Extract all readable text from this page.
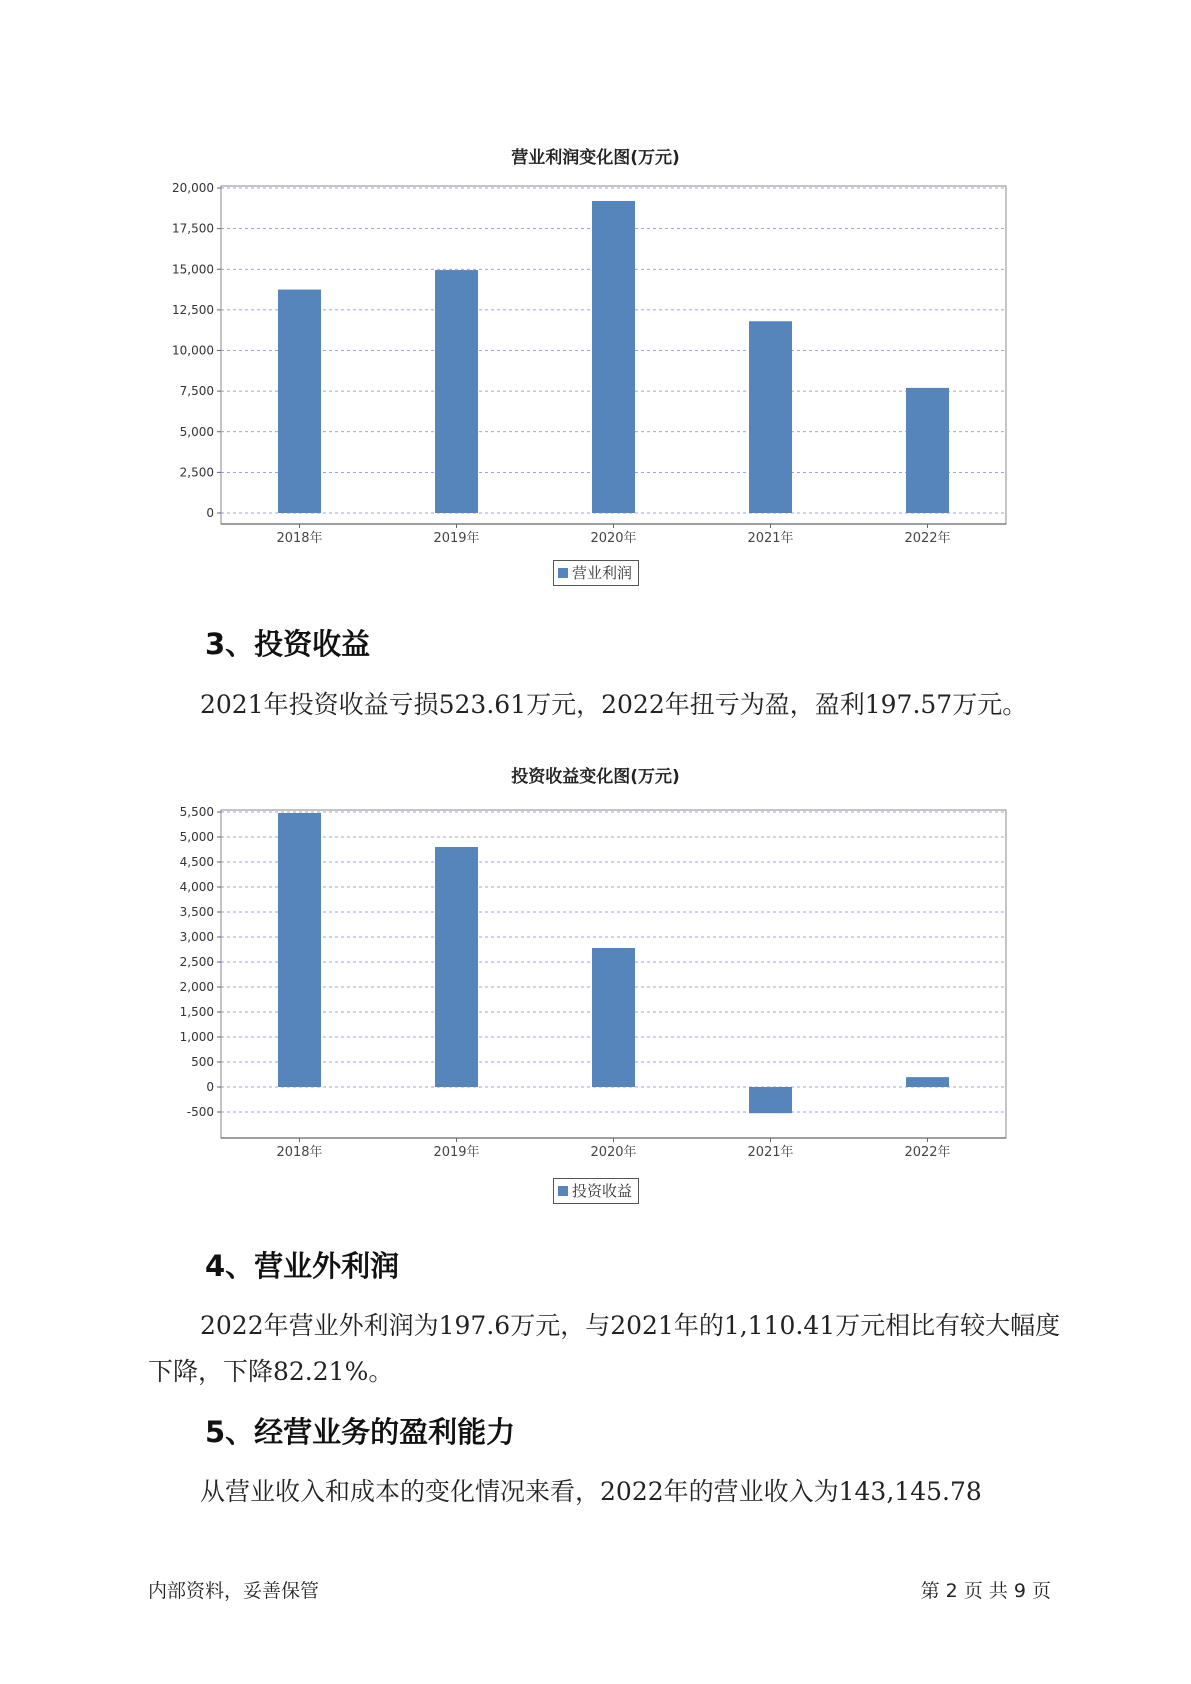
营业利润变化图(万元)
0
2,500
5,000
7,500
10,000
12,500
15,000
17,500
20,000
2018年	2019年	2020年	2021年	2022年
营业利润
3、投资收益

2021年投资收益亏损523.61万元，2022年扭亏为盈，盈利197.57万元。

投资收益变化图(万元)
-500
0
500
1,000
1,500
2,000
2,500
3,000
3,500
4,000
4,500
5,000
5,500
2018年	2019年	2020年	2021年	2022年
投资收益
4、营业外利润

2022年营业外利润为197.6万元，与2021年的1,110.41万元相比有较大幅度下降，下降82.21%。

5、经营业务的盈利能力

从营业收入和成本的变化情况来看，2022年的营业收入为143,145.78

内部资料，妥善保管	第 2 页 共 9 页
